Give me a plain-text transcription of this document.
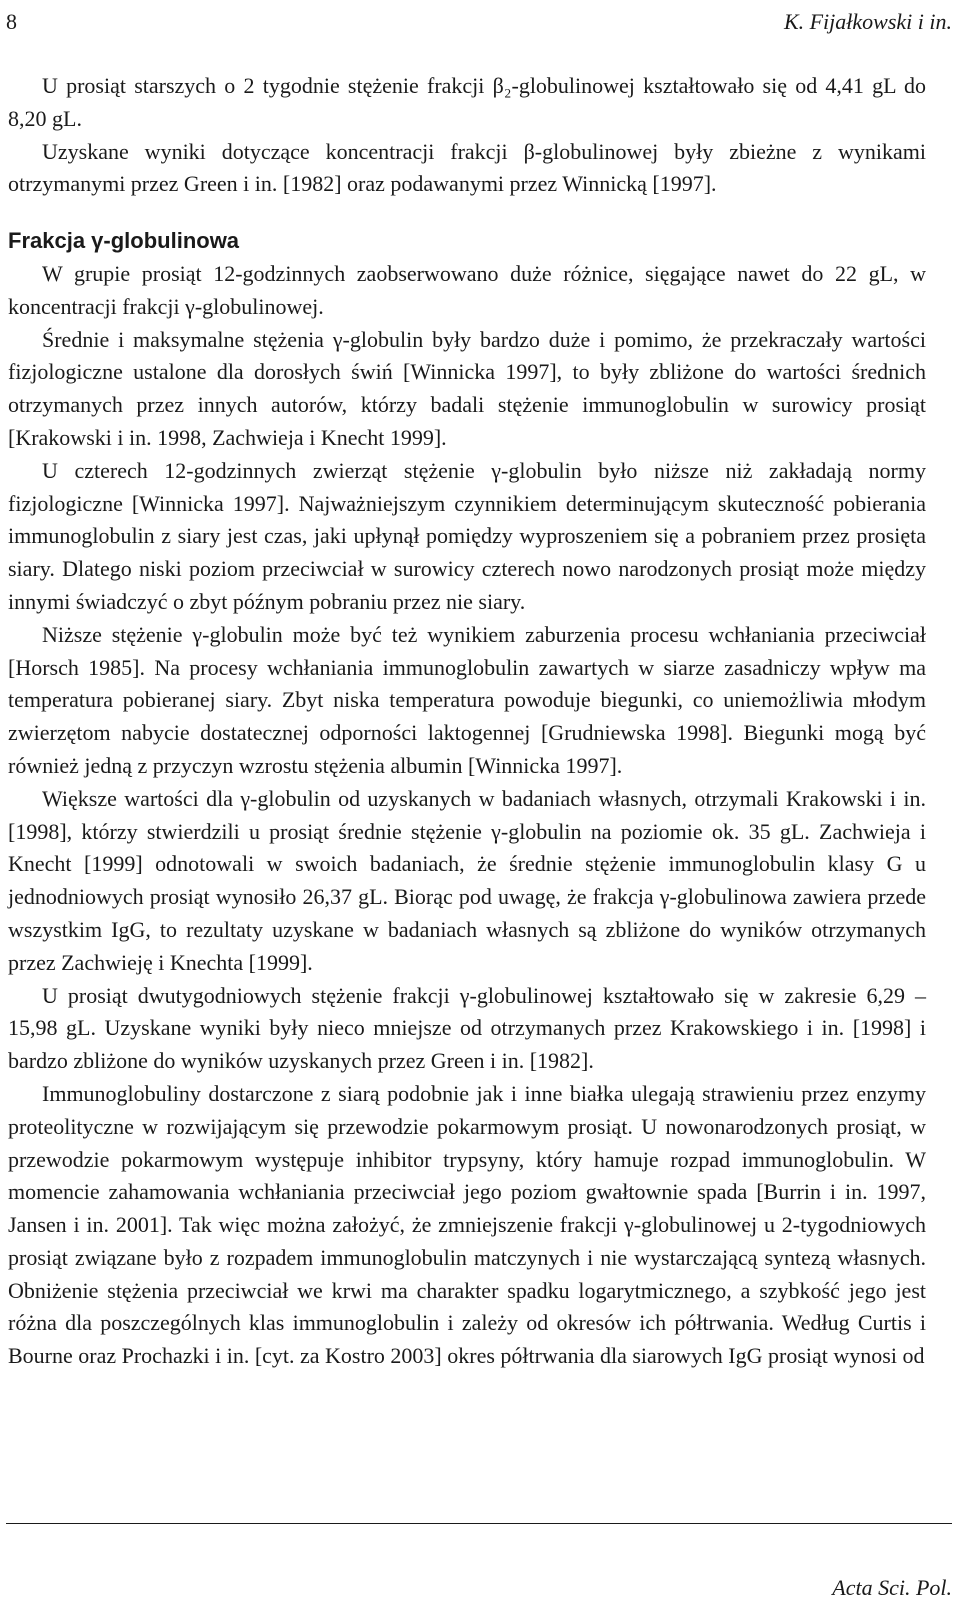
8	K. Fijałkowski i in.

U prosiąt starszych o 2 tygodnie stężenie frakcji β₂-globulinowej kształtowało się od 4,41 gL do 8,20 gL.

Uzyskane wyniki dotyczące koncentracji frakcji β-globulinowej były zbieżne z wynikami otrzymanymi przez Green i in. [1982] oraz podawanymi przez Winnicką [1997].

Frakcja γ-globulinowa

W grupie prosiąt 12-godzinnych zaobserwowano duże różnice, sięgające nawet do 22 gL, w koncentracji frakcji γ-globulinowej.

Średnie i maksymalne stężenia γ-globulin były bardzo duże i pomimo, że przekraczały wartości fizjologiczne ustalone dla dorosłych świń [Winnicka 1997], to były zbliżone do wartości średnich otrzymanych przez innych autorów, którzy badali stężenie immunoglobulin w surowicy prosiąt [Krakowski i in. 1998, Zachwieja i Knecht 1999].

U czterech 12-godzinnych zwierząt stężenie γ-globulin było niższe niż zakładają normy fizjologiczne [Winnicka 1997]. Najważniejszym czynnikiem determinującym skuteczność pobierania immunoglobulin z siary jest czas, jaki upłynął pomiędzy wyproszeniem się a pobraniem przez prosięta siary. Dlatego niski poziom przeciwciał w surowicy czterech nowo narodzonych prosiąt może między innymi świadczyć o zbyt późnym pobraniu przez nie siary.

Niższe stężenie γ-globulin może być też wynikiem zaburzenia procesu wchłaniania przeciwciał [Horsch 1985]. Na procesy wchłaniania immunoglobulin zawartych w siarze zasadniczy wpływ ma temperatura pobieranej siary. Zbyt niska temperatura powoduje biegunki, co uniemożliwia młodym zwierzętom nabycie dostatecznej odporności laktogennej [Grudniewska 1998]. Biegunki mogą być również jedną z przyczyn wzrostu stężenia albumin [Winnicka 1997].

Większe wartości dla γ-globulin od uzyskanych w badaniach własnych, otrzymali Krakowski i in. [1998], którzy stwierdzili u prosiąt średnie stężenie γ-globulin na poziomie ok. 35 gL. Zachwieja i Knecht [1999] odnotowali w swoich badaniach, że średnie stężenie immunoglobulin klasy G u jednodniowych prosiąt wynosiło 26,37 gL. Biorąc pod uwagę, że frakcja γ-globulinowa zawiera przede wszystkim IgG, to rezultaty uzyskane w badaniach własnych są zbliżone do wyników otrzymanych przez Zachwieję i Knechta [1999].

U prosiąt dwutygodniowych stężenie frakcji γ-globulinowej kształtowało się w zakresie 6,29 – 15,98 gL. Uzyskane wyniki były nieco mniejsze od otrzymanych przez Krakowskiego i in. [1998] i bardzo zbliżone do wyników uzyskanych przez Green i in. [1982].

Immunoglobuliny dostarczone z siarą podobnie jak i inne białka ulegają strawieniu przez enzymy proteolityczne w rozwijającym się przewodzie pokarmowym prosiąt. U nowonarodzonych prosiąt, w przewodzie pokarmowym występuje inhibitor trypsyny, który hamuje rozpad immunoglobulin. W momencie zahamowania wchłaniania przeciwciał jego poziom gwałtownie spada [Burrin i in. 1997, Jansen i in. 2001]. Tak więc można założyć, że zmniejszenie frakcji γ-globulinowej u 2-tygodniowych prosiąt związane było z rozpadem immunoglobulin matczynych i nie wystarczającą syntezą własnych. Obniżenie stężenia przeciwciał we krwi ma charakter spadku logarytmicznego, a szybkość jego jest różna dla poszczególnych klas immunoglobulin i zależy od okresów ich półtrwania. Według Curtis i Bourne oraz Prochazki i in. [cyt. za Kostro 2003] okres półtrwania dla siarowych IgG prosiąt wynosi od

Acta Sci. Pol.
